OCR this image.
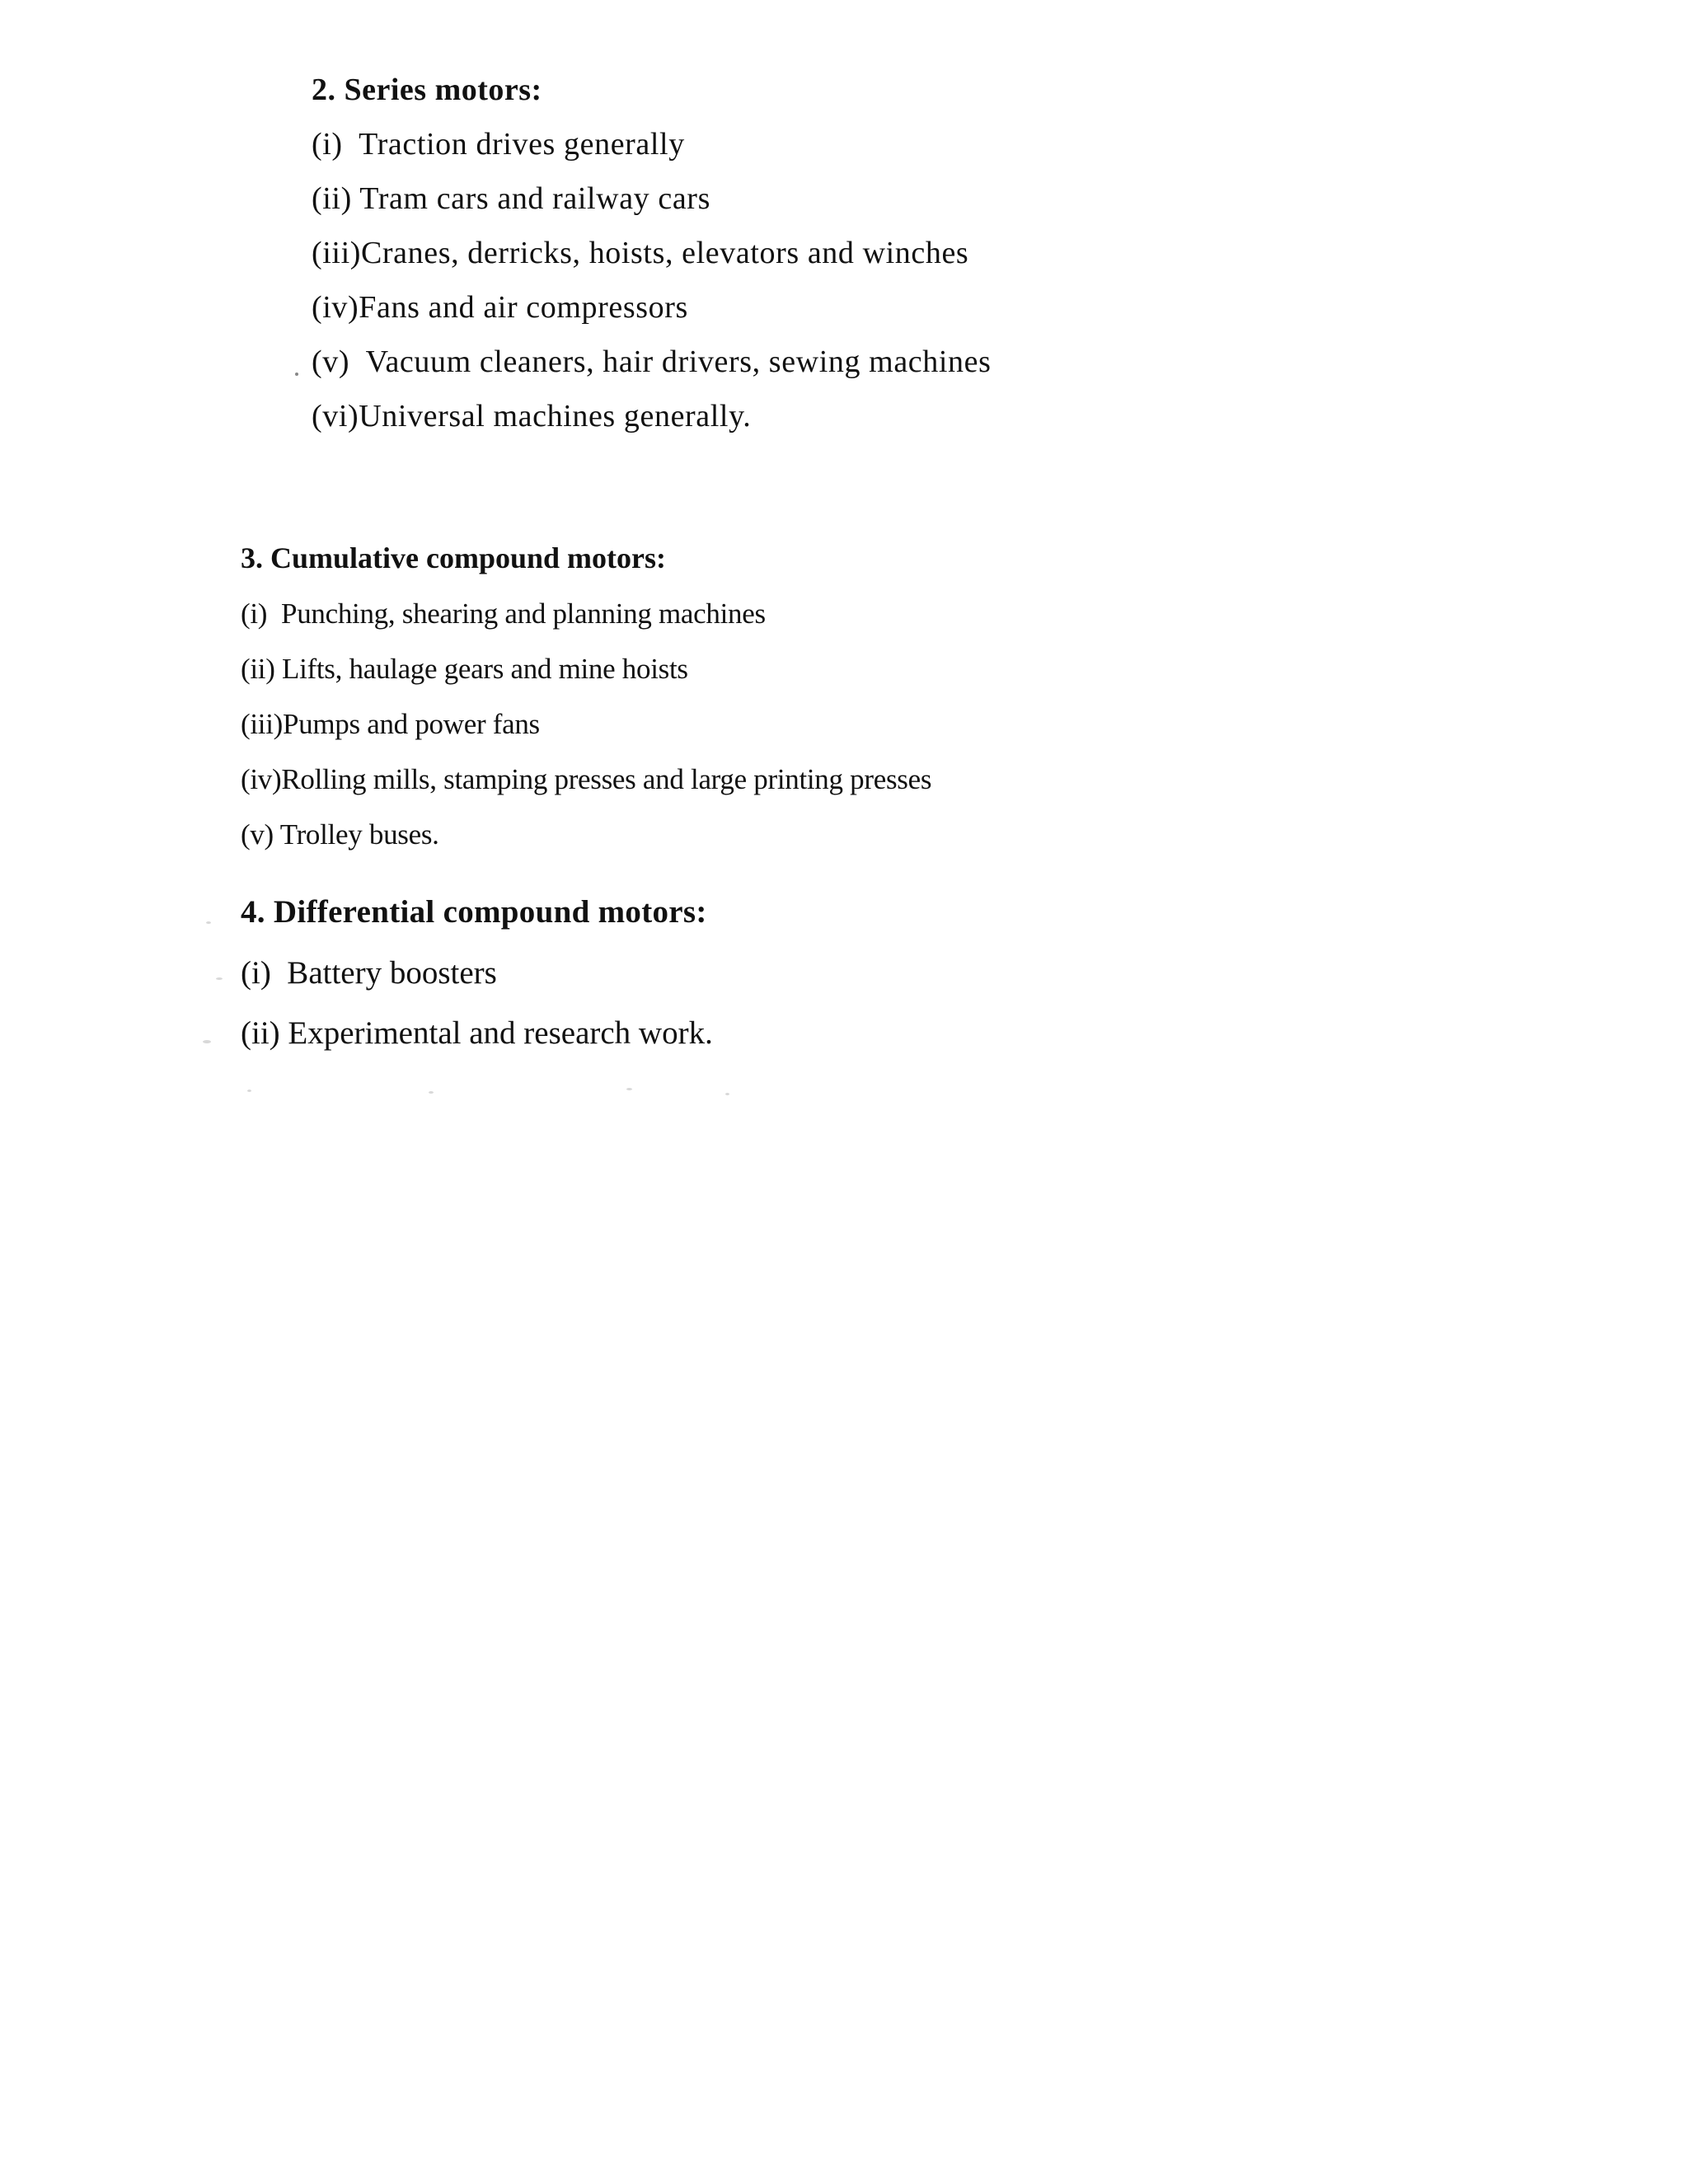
2. Series motors:
(i)  Traction drives generally
(ii) Tram cars and railway cars
(iii)Cranes, derricks, hoists, elevators and winches
(iv)Fans and air compressors
(v)  Vacuum cleaners, hair drivers, sewing machines
(vi)Universal machines generally.
3. Cumulative compound motors:
(i)  Punching, shearing and planning machines
(ii) Lifts, haulage gears and mine hoists
(iii)Pumps and power fans
(iv)Rolling mills, stamping presses and large printing presses
(v) Trolley buses.
4. Differential compound motors:
(i)  Battery boosters
(ii) Experimental and research work.
